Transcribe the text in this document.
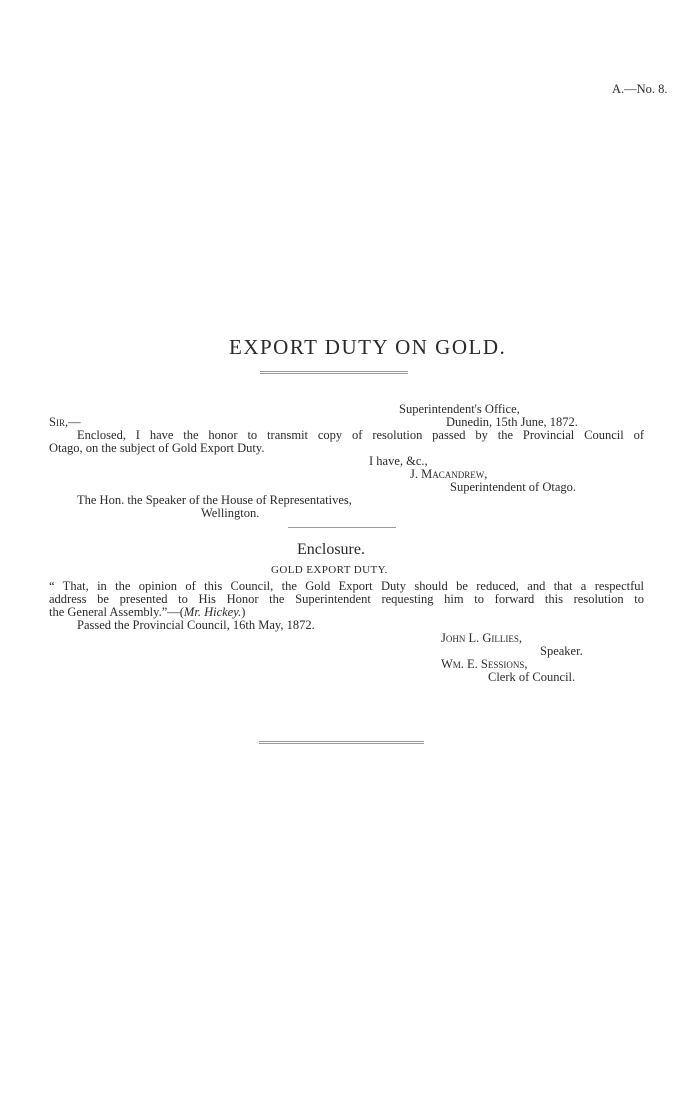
A.—No. 8.
EXPORT DUTY ON GOLD.
Superintendent's Office,
Dunedin, 15th June, 1872.
Sir,—
Enclosed, I have the honor to transmit copy of resolution passed by the Provincial Council of
Otago, on the subject of Gold Export Duty.
I have, &c.,
J. Macandrew,
Superintendent of Otago.
The Hon. the Speaker of the House of Representatives,
Wellington.
Enclosure.
GOLD EXPORT DUTY.
“ That, in the opinion of this Council, the Gold Export Duty should be reduced, and that a respectful
address be presented to His Honor the Superintendent requesting him to forward this resolution to
the General Assembly.”—(Mr. Hickey.)
Passed the Provincial Council, 16th May, 1872.
John L. Gillies,
Speaker.
Wm. E. Sessions,
Clerk of Council.
